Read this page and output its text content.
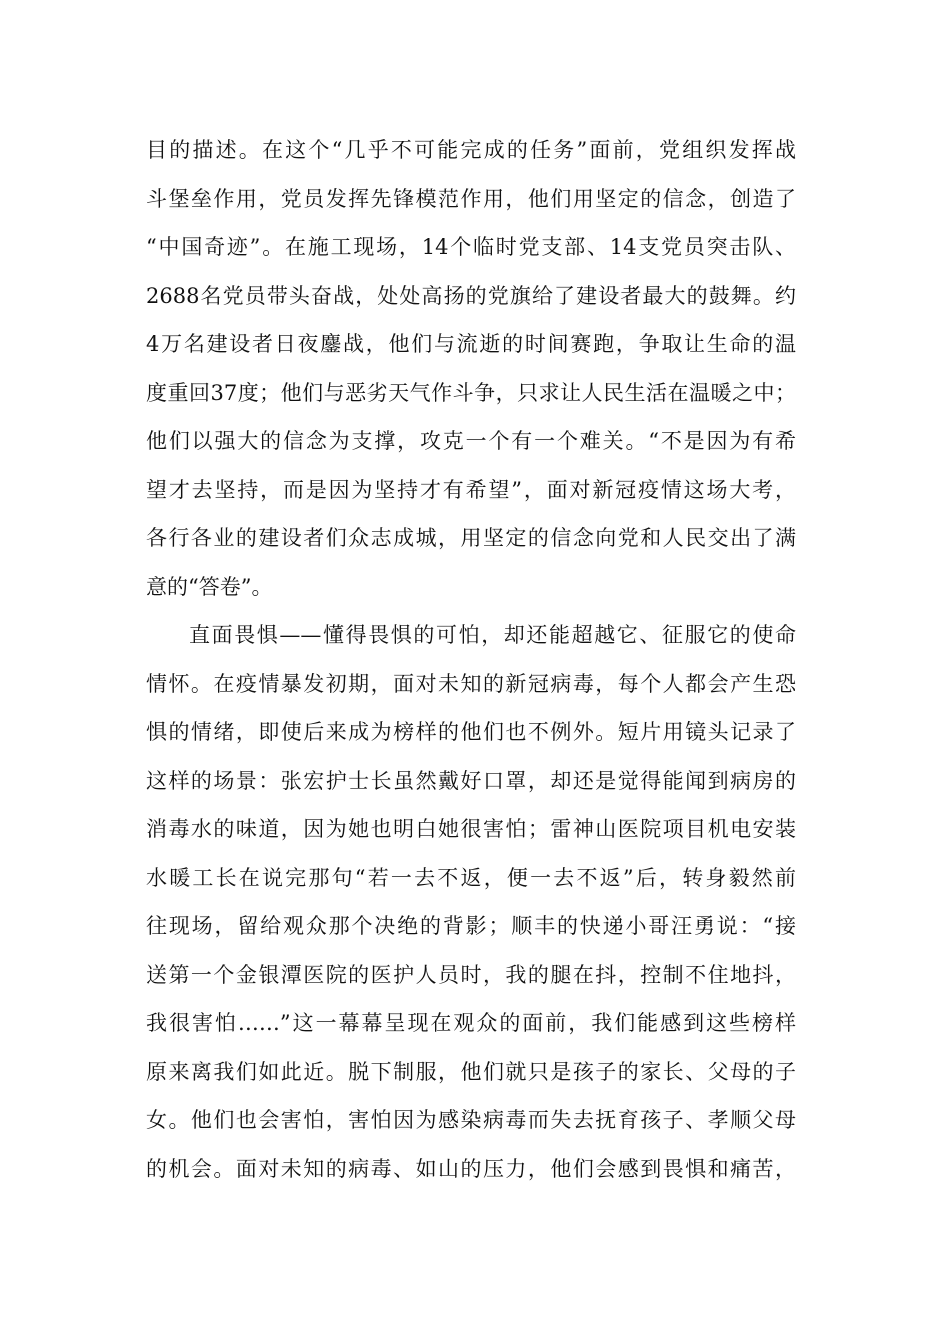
目的描述。在这个“几乎不可能完成的任务”面前，党组织发挥战
斗堡垒作用，党员发挥先锋模范作用，他们用坚定的信念，创造了
“中国奇迹”。在施工现场，14个临时党支部、14支党员突击队、
2688名党员带头奋战，处处高扬的党旗给了建设者最大的鼓舞。约
4万名建设者日夜鏖战，他们与流逝的时间赛跑，争取让生命的温
度重回37度；他们与恶劣天气作斗争，只求让人民生活在温暖之中；
他们以强大的信念为支撑，攻克一个有一个难关。“不是因为有希
望才去坚持，而是因为坚持才有希望”，面对新冠疫情这场大考，
各行各业的建设者们众志成城，用坚定的信念向党和人民交出了满
意的“答卷”。
直面畏惧——懂得畏惧的可怕，却还能超越它、征服它的使命
情怀。在疫情暴发初期，面对未知的新冠病毒，每个人都会产生恐
惧的情绪，即使后来成为榜样的他们也不例外。短片用镜头记录了
这样的场景：张宏护士长虽然戴好口罩，却还是觉得能闻到病房的
消毒水的味道，因为她也明白她很害怕；雷神山医院项目机电安装
水暖工长在说完那句“若一去不返，便一去不返”后，转身毅然前
往现场，留给观众那个决绝的背影；顺丰的快递小哥汪勇说：“接
送第一个金银潭医院的医护人员时，我的腿在抖，控制不住地抖，
我很害怕……”这一幕幕呈现在观众的面前，我们能感到这些榜样
原来离我们如此近。脱下制服，他们就只是孩子的家长、父母的子
女。他们也会害怕，害怕因为感染病毒而失去抚育孩子、孝顺父母
的机会。面对未知的病毒、如山的压力，他们会感到畏惧和痛苦，
